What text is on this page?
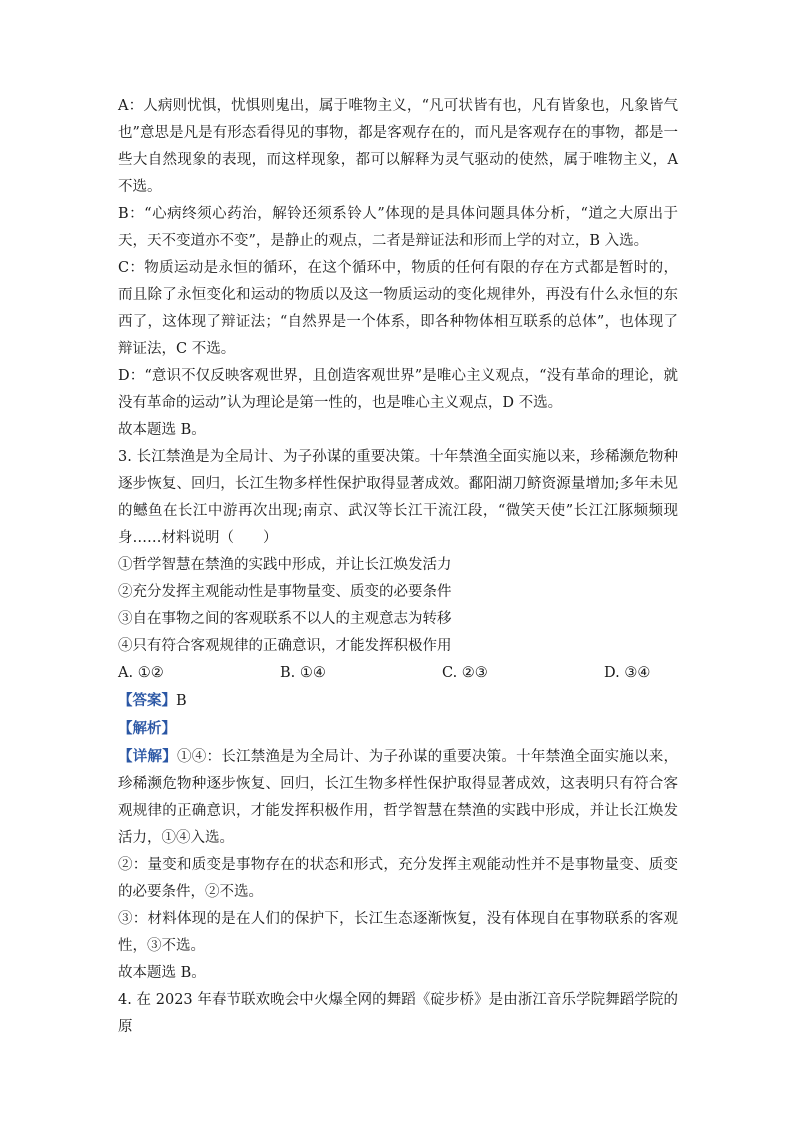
A：人病则忧惧，忧惧则鬼出，属于唯物主义，“凡可状皆有也，凡有皆象也，凡象皆气也”意思是凡是有形态看得见的事物，都是客观存在的，而凡是客观存在的事物，都是一些大自然现象的表现，而这样现象，都可以解释为灵气驱动的使然，属于唯物主义，A 不选。

B：“心病终须心药治，解铃还须系铃人”体现的是具体问题具体分析，“道之大原出于天，天不变道亦不变”，是静止的观点，二者是辩证法和形而上学的对立，B 入选。

C：物质运动是永恒的循环，在这个循环中，物质的任何有限的存在方式都是暂时的，而且除了永恒变化和运动的物质以及这一物质运动的变化规律外，再没有什么永恒的东西了，这体现了辩证法；“自然界是一个体系，即各种物体相互联系的总体”，也体现了辩证法，C 不选。

D：“意识不仅反映客观世界，且创造客观世界”是唯心主义观点，“没有革命的理论，就没有革命的运动”认为理论是第一性的，也是唯心主义观点，D 不选。

故本题选 B。

3. 长江禁渔是为全局计、为子孙谋的重要决策。十年禁渔全面实施以来，珍稀濒危物种逐步恢复、回归，长江生物多样性保护取得显著成效。鄱阳湖刀鲚资源量增加;多年未见的鳡鱼在长江中游再次出现;南京、武汉等长江干流江段，“微笑天使”长江江豚频频现身……材料说明（　　）

①哲学智慧在禁渔的实践中形成，并让长江焕发活力

②充分发挥主观能动性是事物量变、质变的必要条件

③自在事物之间的客观联系不以人的主观意志为转移

④只有符合客观规律的正确意识，才能发挥积极作用

A. ①②	B. ①④	C. ②③	D. ③④

【答案】B

【解析】

【详解】①④：长江禁渔是为全局计、为子孙谋的重要决策。十年禁渔全面实施以来，珍稀濒危物种逐步恢复、回归，长江生物多样性保护取得显著成效，这表明只有符合客观规律的正确意识，才能发挥积极作用，哲学智慧在禁渔的实践中形成，并让长江焕发活力，①④入选。

②：量变和质变是事物存在的状态和形式，充分发挥主观能动性并不是事物量变、质变的必要条件，②不选。

③：材料体现的是在人们的保护下，长江生态逐渐恢复，没有体现自在事物联系的客观性，③不选。

故本题选 B。

4. 在 2023 年春节联欢晚会中火爆全网的舞蹈《碇步桥》是由浙江音乐学院舞蹈学院的原
